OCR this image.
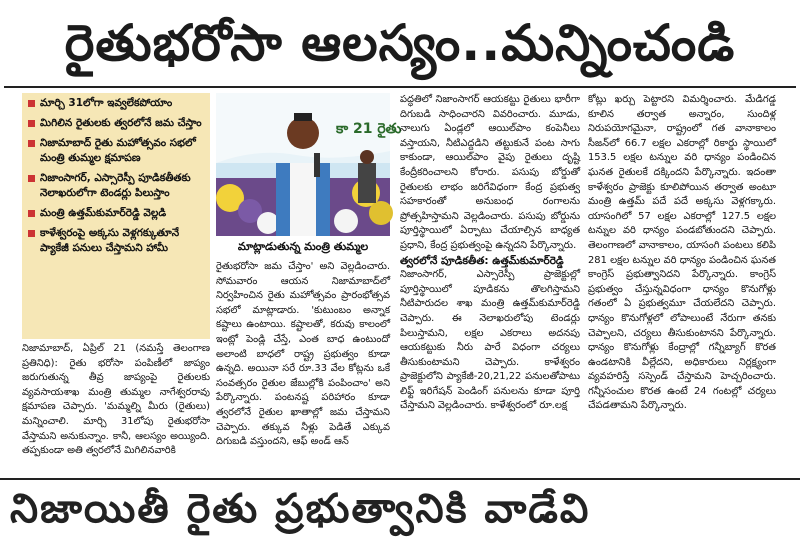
రైతుభరోసా ఆలస్యం..మన్నించండి
మార్చి 31లోగా ఇవ్వలేకపోయాం
మిగిలిన రైతులకు త్వరలోనే జమ చేస్తాం
నిజామాబాద్ రైతు మహోత్సవం సభలో మంత్రి తుమ్మల క్షమాపణ
నిజాంసాగర్, ఎస్సారెస్పీ పూడికతీతకు నెలాఖరులోగా టెండర్లు పిలుస్తాం
మంత్రి ఉత్తమ్‌కుమార్‌రెడ్డి వెల్లడి
కాళేశ్వరంపై అక్కసు వెళ్లగక్కుతూనే ప్యాకేజీ పనులు చేస్తామని హామీ
కా 21 రైతు
మాట్లాడుతున్న మంత్రి తుమ్మల

నిజామాబాద్, ఏప్రిల్ 21 (నమస్తే తెలంగాణ ప్రతినిధి): రైతు భరోసా పంపిణీలో జాప్యం జరుగుతున్న తీవ్ర జాప్యంపై రైతులకు వ్యవసాయశాఖ మంత్రి తుమ్మల నాగేశ్వరరావు క్షమాపణ చెప్పారు. 'మమ్మల్ని మీరు (రైతులు) మన్నించాలి. మార్చి 31లోపు రైతుభరోసా వేస్తామని అనుకున్నాం. కానీ, ఆలస్యం అయ్యింది. తప్పకుండా అతి త్వరలోనే మిగిలినవారికి

రైతుభరోసా జమ చేస్తాం' అని వెల్లడించారు. సోమవారం ఆయన నిజామాబాద్‌లో నిర్వహించిన రైతు మహోత్సవం ప్రారంభోత్సవ సభలో మాట్లాడారు. 'కుటుంబం అన్నాక కష్టాలు ఉంటాయి. కష్టాలతో, కరువు కాలంలో ఇంట్లో పెండ్లి చేస్తే, ఎంత బాధ ఉంటుందో అలాంటి బాధలో రాష్ట్ర ప్రభుత్వం కూడా ఉన్నది. అయినా సరే రూ.33 వేల కోట్లను ఒకే సంవత్సరం రైతుల జేబుల్లోకి పంపించాం' అని పేర్కొన్నారు. పంటనష్ట పరిహారం కూడా త్వరలోనే రైతుల ఖాతాల్లో జమ చేస్తామని చెప్పారు. తక్కువ నీళ్లు పెడితే ఎక్కువ దిగుబడి వస్తుందని, ఆఫ్ అండ్ ఆన్

పద్ధతిలో నిజాంసాగర్ ఆయకట్టు రైతులు భారీగా దిగుబడి సాధించారని వివరించారు. మూడు, నాలుగు ఏండ్లలో ఆయిల్‌పాం కంపెనీలు వస్తాయని, నీటిఎద్దడిని తట్టుకునే పంట సాగు కాకుండా, ఆయిల్‌పాం వైపు రైతులు దృష్టి కేంద్రీకరించాలని కోరారు. పసుపు బోర్డుతో రైతులకు లాభం జరిగేవిధంగా కేంద్ర ప్రభుత్వ సహకారంతో అనుబంధ రంగాలను ప్రోత్సహిస్తామని వెల్లడించారు. పసుపు బోర్డును పూర్తిస్థాయిలో ఏర్పాటు చేయాల్సిన బాధ్యత ప్రధాని, కేంద్ర ప్రభుత్వంపై ఉన్నదని పేర్కొన్నారు.

త్వరలోనే పూడికతీత: ఉత్తమ్‌కుమార్‌రెడ్డి

నిజాంసాగర్, ఎస్సారెస్పీ ప్రాజెక్టుల్లో పూర్తిస్థాయిలో పూడికను తొలగిస్తామని నీటిపారుదల శాఖ మంత్రి ఉత్తమ్‌కుమార్‌రెడ్డి చెప్పారు. ఈ నెలాఖరులోపు టెండర్లు పిలుస్తామని, లక్షల ఎకరాలు అదనపు ఆయకట్టుకు నీరు పారే విధంగా చర్యలు తీసుకుంటామని చెప్పారు. కాళేశ్వరం ప్రాజెక్టులోని ప్యాకేజీ-20,21,22 పనులతోపాటు లిఫ్ట్ ఇరిగేషన్ పెండింగ్ పనులను కూడా పూర్తి చేస్తామని వెల్లడించారు. కాళేశ్వరంలో రూ.లక్ష

కోట్లు ఖర్చు పెట్టారని విమర్శించారు. మేడిగడ్డ కూలిన తర్వాత అన్నారం, సుందిళ్ల నిరుపయోగమైనా, రాష్ట్రంలో గత వానాకాలం సీజన్‌లో 66.7 లక్షల ఎకరాల్లో రికార్డు స్థాయిలో 153.5 లక్షల టన్నుల వరి ధాన్యం పండించిన ఘనత రైతులకే దక్కిందని పేర్కొన్నారు. ఇదంతా కాళేశ్వరం ప్రాజెక్టు కూలిపోయిన తర్వాత అంటూ మంత్రి ఉత్తమ్ పదే పదే అక్కసు వెళ్లగక్కారు. యాసంగిలో 57 లక్షల ఎకరాల్లో 127.5 లక్షల టన్నుల వరి ధాన్యం పండబోతుందని చెప్పారు. తెలంగాణలో వానాకాలం, యాసంగి పంటలు కలిపి 281 లక్షల టన్నుల వరి ధాన్యం పండించిన ఘనత కాంగ్రెస్ ప్రభుత్వానిదని పేర్కొన్నారు. కాంగ్రెస్ ప్రభుత్వం చేస్తున్నవిధంగా ధాన్యం కొనుగోళ్లు గతంలో ఏ ప్రభుత్వమూ చేయలేదని చెప్పారు. ధాన్యం కొనుగోళ్లలో లోపాలుంటే నేరుగా తనకు చెప్పాలని, చర్యలు తీసుకుంటానని పేర్కొన్నారు. ధాన్యం కొనుగోళ్లు కేంద్రాల్లో గన్నీబ్యాగ్ కొరత ఉండటానికి వీల్లేదని, అధికారులు నిర్లక్ష్యంగా వ్యవహరిస్తే సస్పెండ్ చేస్తామని హెచ్చరించారు. గన్నీసంచుల కొరత ఉంటే 24 గంటల్లో చర్యలు చేపడతామని పేర్కొన్నారు.

నిజాయితీ రైతు ప్రభుత్వానికి వాడేవి
